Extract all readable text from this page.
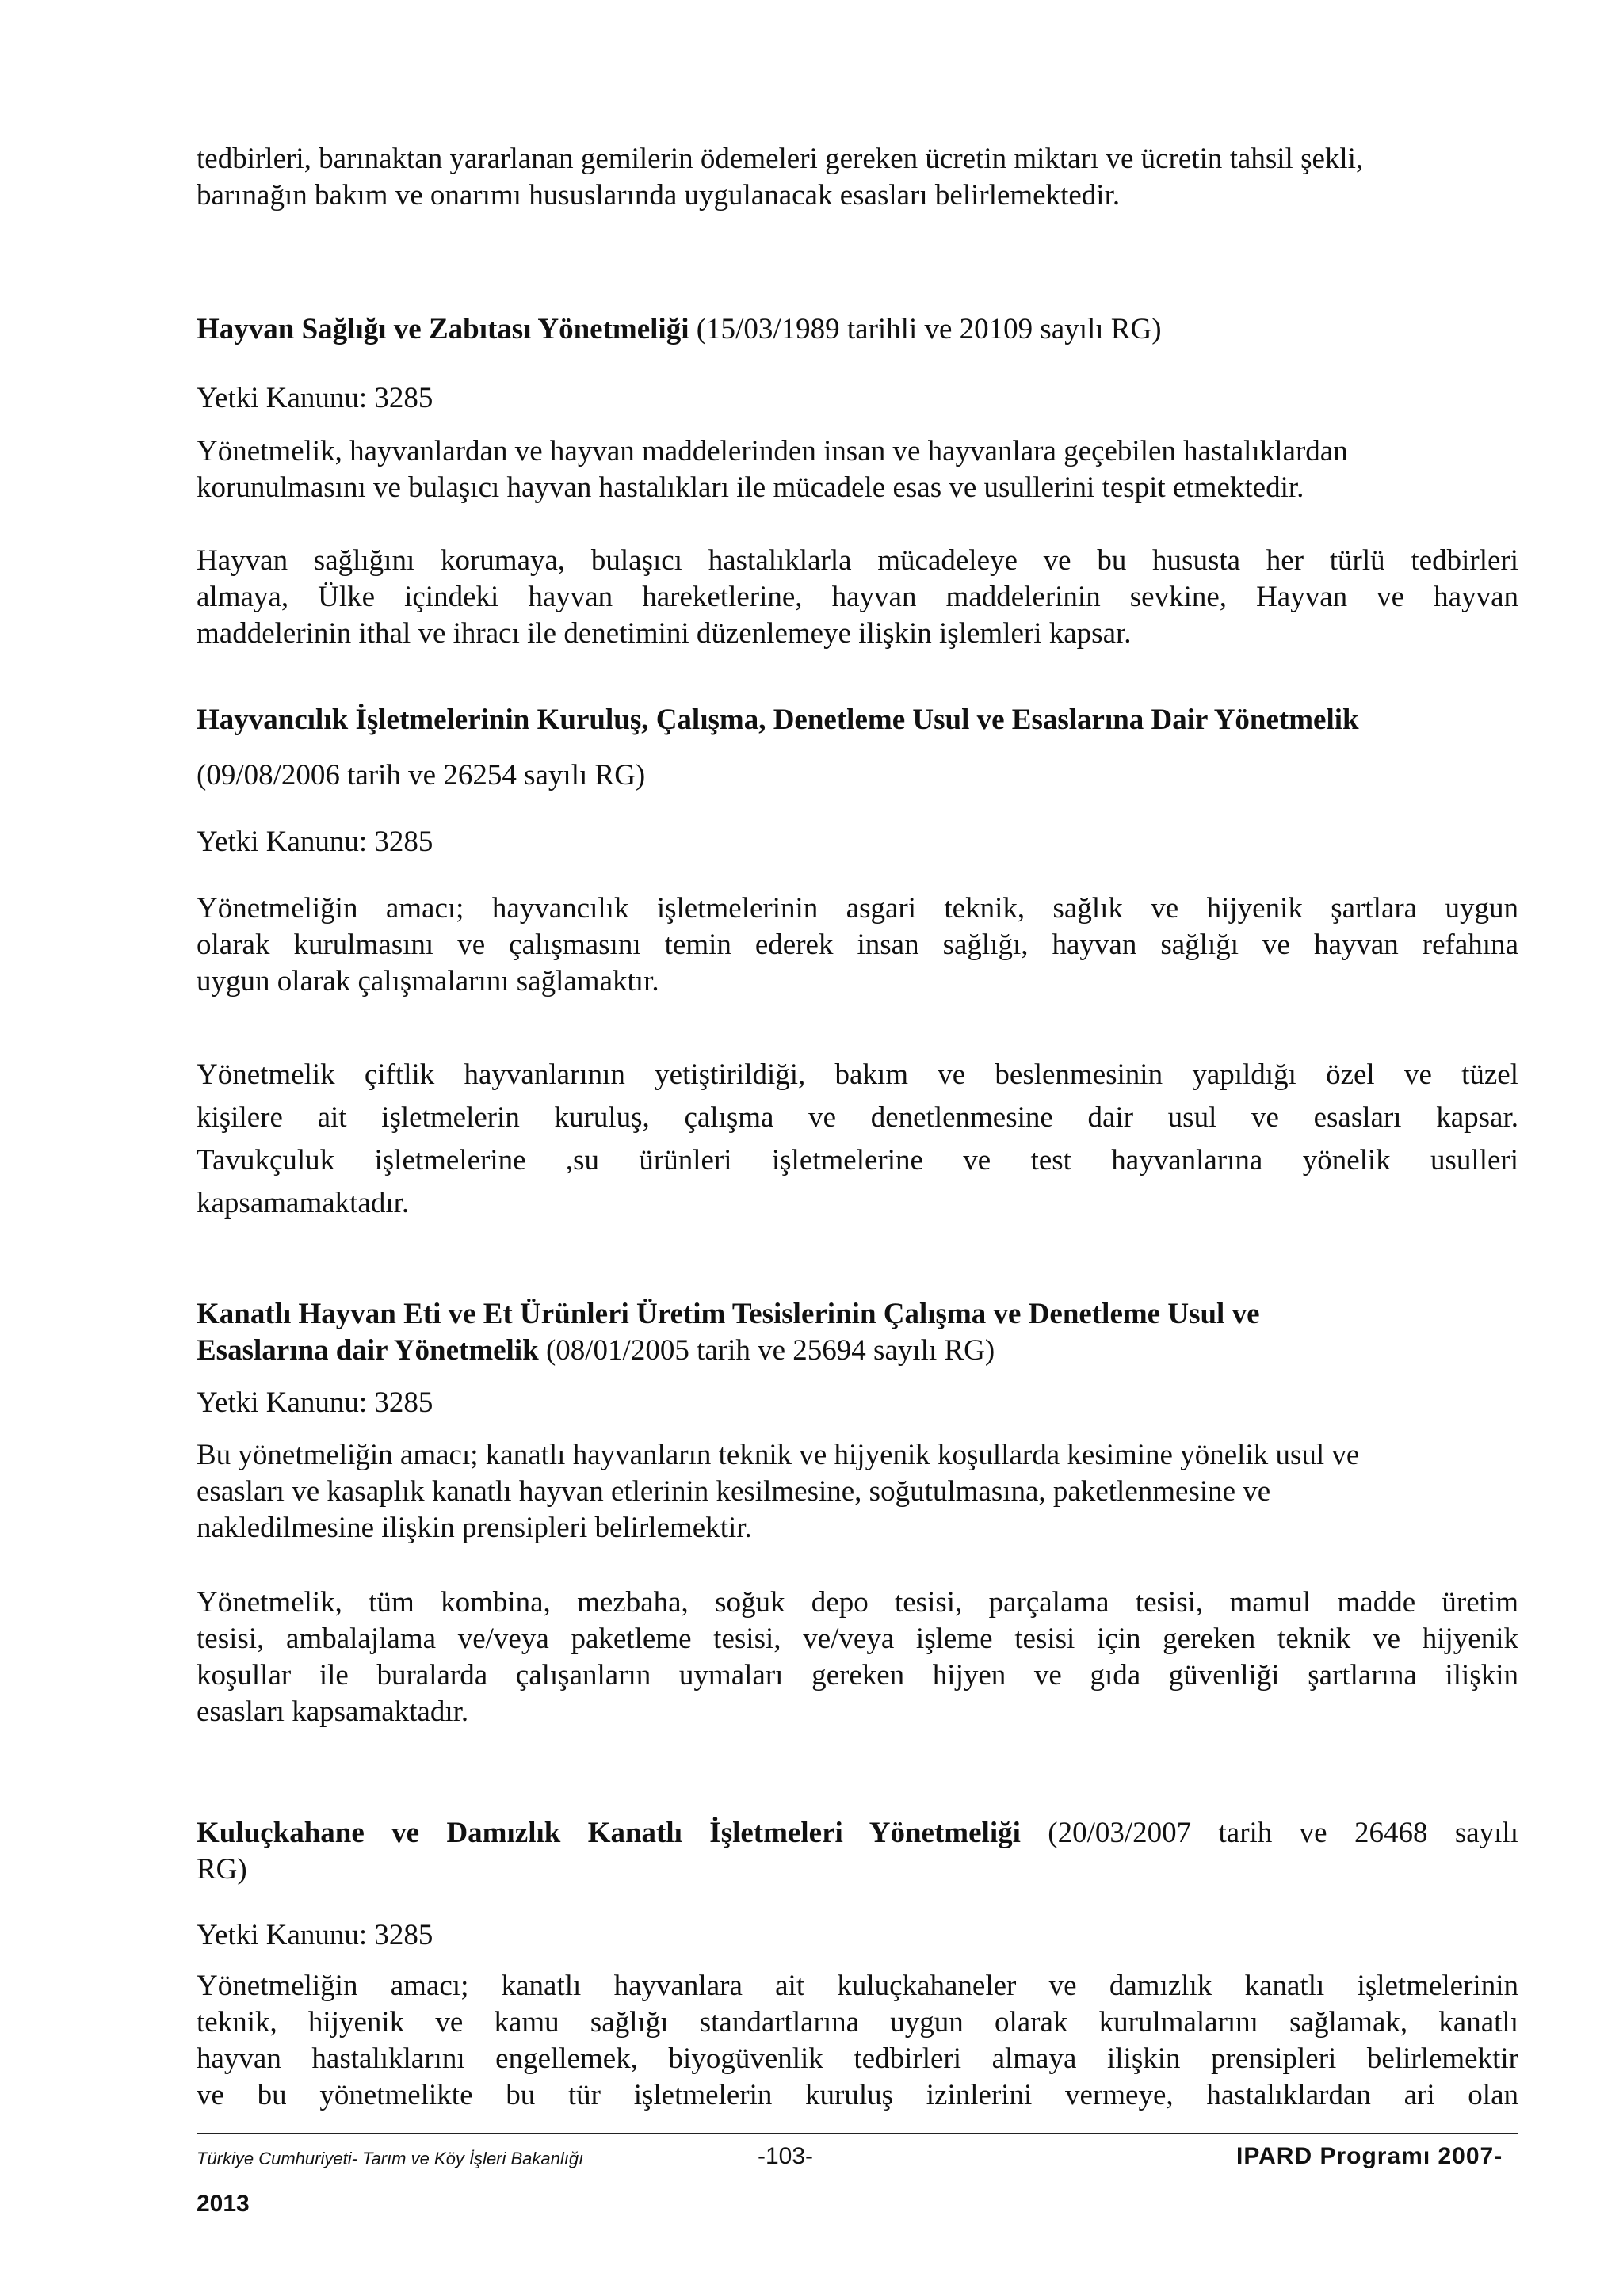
tedbirleri, barınaktan yararlanan gemilerin ödemeleri gereken ücretin miktarı ve ücretin tahsil şekli,
barınağın bakım ve onarımı hususlarında uygulanacak esasları belirlemektedir.
Hayvan Sağlığı ve Zabıtası Yönetmeliği (15/03/1989 tarihli ve 20109 sayılı RG)
Yetki Kanunu: 3285
Yönetmelik, hayvanlardan ve hayvan maddelerinden insan ve hayvanlara geçebilen hastalıklardan
korunulmasını ve bulaşıcı hayvan hastalıkları ile mücadele esas ve usullerini tespit etmektedir.
Hayvan sağlığını korumaya, bulaşıcı hastalıklarla mücadeleye ve bu hususta her türlü tedbirleri
almaya, Ülke içindeki hayvan hareketlerine, hayvan maddelerinin sevkine, Hayvan ve hayvan
maddelerinin ithal ve ihracı ile denetimini düzenlemeye ilişkin işlemleri kapsar.
Hayvancılık İşletmelerinin Kuruluş, Çalışma, Denetleme Usul ve Esaslarına Dair Yönetmelik
(09/08/2006 tarih ve 26254 sayılı RG)
Yetki Kanunu: 3285
Yönetmeliğin amacı; hayvancılık işletmelerinin asgari teknik, sağlık ve hijyenik şartlara uygun
olarak kurulmasını ve çalışmasını temin ederek insan sağlığı, hayvan sağlığı ve hayvan refahına
uygun olarak çalışmalarını sağlamaktır.
Yönetmelik çiftlik hayvanlarının yetiştirildiği, bakım ve beslenmesinin yapıldığı özel ve tüzel
kişilere ait işletmelerin kuruluş, çalışma ve denetlenmesine dair usul ve esasları kapsar.
Tavukçuluk işletmelerine ,su ürünleri işletmelerine ve test hayvanlarına yönelik usulleri
kapsamamaktadır.
Kanatlı Hayvan Eti ve Et Ürünleri Üretim Tesislerinin Çalışma ve Denetleme Usul ve
Esaslarına dair Yönetmelik (08/01/2005 tarih ve 25694 sayılı RG)
Yetki Kanunu: 3285
Bu yönetmeliğin amacı; kanatlı hayvanların teknik ve hijyenik koşullarda kesimine yönelik usul ve
esasları ve kasaplık kanatlı hayvan etlerinin kesilmesine, soğutulmasına, paketlenmesine ve
nakledilmesine ilişkin prensipleri belirlemektir.
Yönetmelik, tüm kombina, mezbaha, soğuk depo tesisi, parçalama tesisi, mamul madde üretim
tesisi, ambalajlama ve/veya paketleme tesisi, ve/veya işleme tesisi için gereken teknik ve hijyenik
koşullar ile buralarda çalışanların uymaları gereken hijyen ve gıda güvenliği şartlarına ilişkin
esasları kapsamaktadır.
Kuluçkahane ve Damızlık Kanatlı İşletmeleri Yönetmeliği (20/03/2007 tarih ve 26468 sayılı
RG)
Yetki Kanunu: 3285
Yönetmeliğin amacı; kanatlı hayvanlara ait kuluçkahaneler ve damızlık kanatlı işletmelerinin
teknik, hijyenik ve kamu sağlığı standartlarına uygun olarak kurulmalarını sağlamak, kanatlı
hayvan hastalıklarını engellemek, biyogüvenlik tedbirleri almaya ilişkin prensipleri belirlemektir
ve bu yönetmelikte bu tür işletmelerin kuruluş izinlerini vermeye, hastalıklardan ari olan
Türkiye Cumhuriyeti- Tarım ve Köy İşleri Bakanlığı	-103-	IPARD Programı 2007-
2013
